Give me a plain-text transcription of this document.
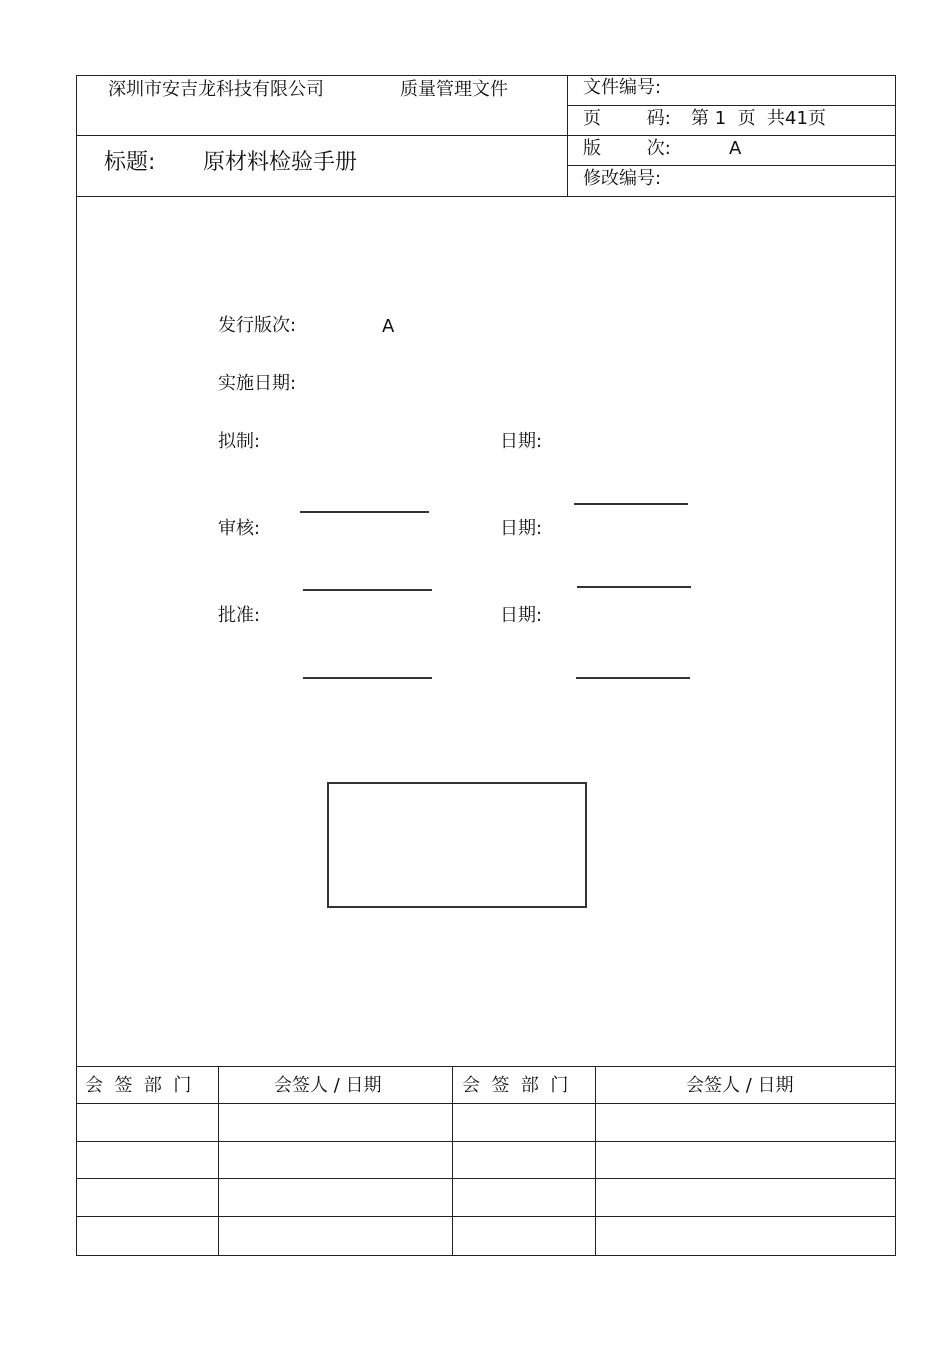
深圳市安吉龙科技有限公司	质量管理文件	文件编号:
页        码: 第 1  页  共41页
版        次:	A
修改编号:
标题: 原材料检验手册
发行版次:	A
实施日期:
拟制:	日期:
审核:	日期:
批准:	日期:
会  签  部  门	会签人 / 日期	会  签  部  门	会签人 / 日期
